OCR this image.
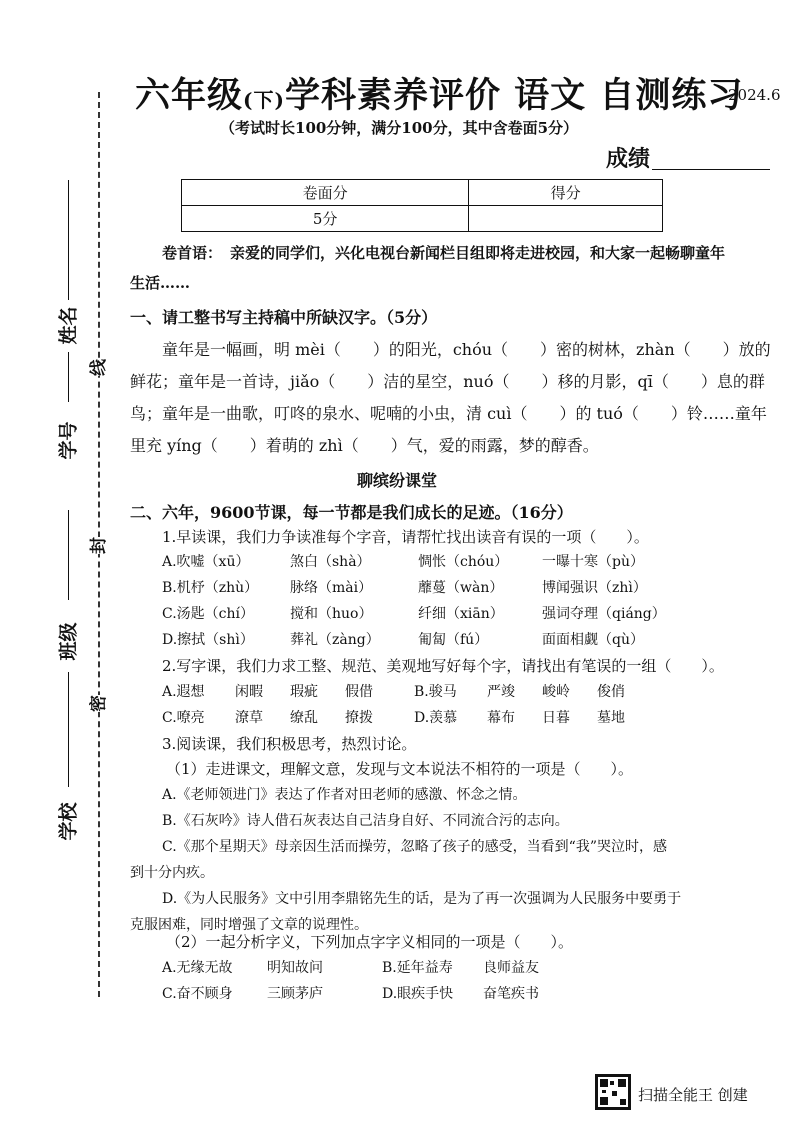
线
封
密
姓名
学号
班级
学校
六年级(下)学科素养评价 语文 自测练习
2024.6
（考试时长100分钟，满分100分，其中含卷面5分）
成绩
卷面分	得分
5分	
卷首语： 亲爱的同学们，兴化电视台新闻栏目组即将走进校园，和大家一起畅聊童年
生活……
一、请工整书写主持稿中所缺汉字。（5分）
童年是一幅画，明 mèi（　　）的阳光，chóu（　　）密的树林，zhàn（　　）放的
鲜花；童年是一首诗，jiǎo（　　）洁的星空，nuó（　　）移的月影，qī（　　）息的群
鸟；童年是一曲歌，叮咚的泉水、呢喃的小虫，清 cuì（　　）的 tuó（　　）铃……童年
里充 yíng（　　）着萌的 zhì（　　）气，爱的雨露，梦的醇香。
聊缤纷课堂
二、六年，9600节课，每一节都是我们成长的足迹。（16分）
1.早读课，我们力争读准每个字音，请帮忙找出读音有误的一项（　　）。
A.吹嘘（xū）	煞白（shà）	惆怅（chóu） 一曝十寒（pù）
B.机杼（zhù） 脉络（mài）	蘼蔓（wàn）	博闻强识（zhì）
C.汤匙（chí）	搅和（huo）	纤细（xiān）	强词夺理（qiáng）
D.擦拭（shì）	葬礼（zàng）	匍匐（fú）	面面相觑（qù）
2.写字课，我们力求工整、规范、美观地写好每个字，请找出有笔误的一组（　　）。
A.遐想 闲暇 瑕疵 假借	B.骏马 严竣 峻岭 俊俏
C.嘹亮 潦草 缭乱 撩拨	D.羡慕 幕布 日暮 墓地
3.阅读课，我们积极思考，热烈讨论。
（1）走进课文，理解文意，发现与文本说法不相符的一项是（　　）。
A.《老师领进门》表达了作者对田老师的感激、怀念之情。
B.《石灰吟》诗人借石灰表达自己洁身自好、不同流合污的志向。
C.《那个星期天》母亲因生活而操劳，忽略了孩子的感受，当看到“我”哭泣时，感
到十分内疚。
D.《为人民服务》文中引用李鼎铭先生的话，是为了再一次强调为人民服务中要勇于
克服困难，同时增强了文章的说理性。
（2）一起分析字义，下列加点字字义相同的一项是（　　）。
A.无缘无故 明知故问	B.延年益寿 良师益友
C.奋不顾身 三顾茅庐	D.眼疾手快 奋笔疾书
扫描全能王 创建
